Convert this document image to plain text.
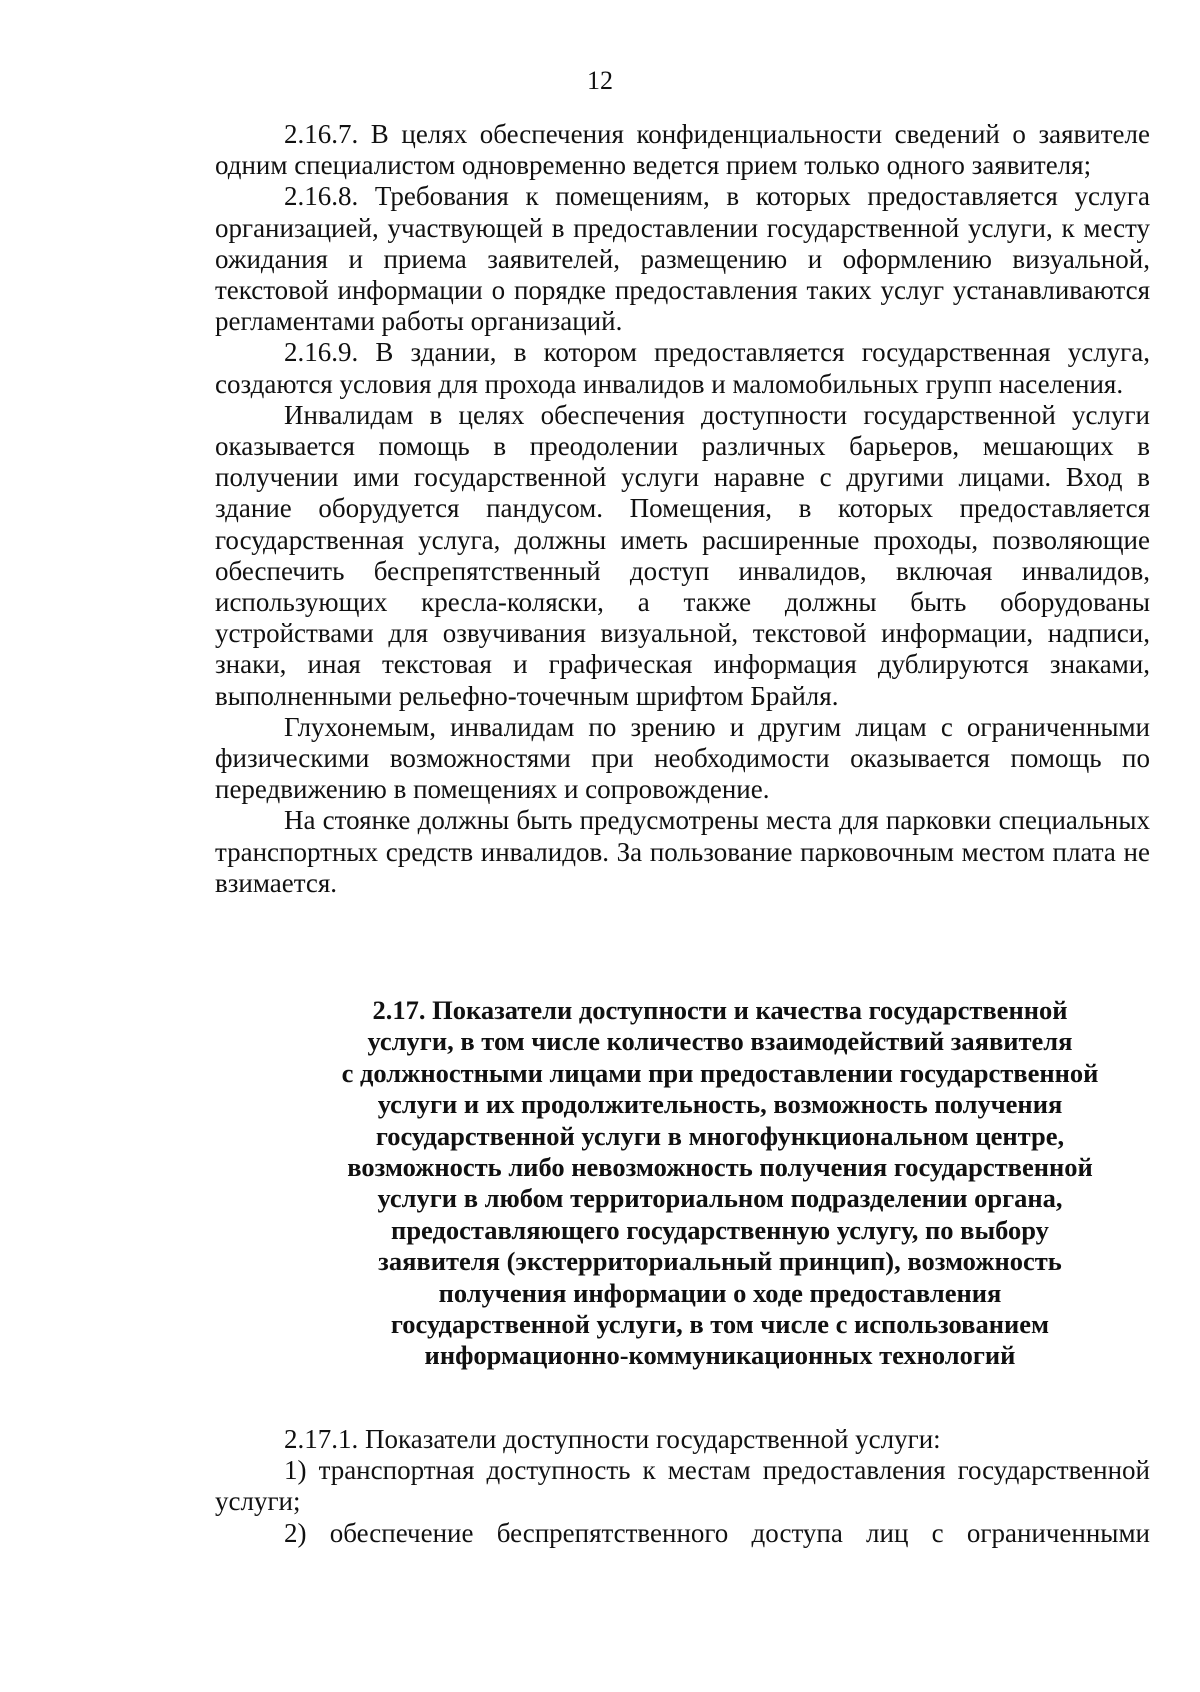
12

2.16.7. В целях обеспечения конфиденциальности сведений о заявителе одним специалистом одновременно ведется прием только одного заявителя;

2.16.8. Требования к помещениям, в которых предоставляется услуга организацией, участвующей в предоставлении государственной услуги, к месту ожидания и приема заявителей, размещению и оформлению визуальной, текстовой информации о порядке предоставления таких услуг устанавливаются регламентами работы организаций.

2.16.9. В здании, в котором предоставляется государственная услуга, создаются условия для прохода инвалидов и маломобильных групп населения.

Инвалидам в целях обеспечения доступности государственной услуги оказывается помощь в преодолении различных барьеров, мешающих в получении ими государственной услуги наравне с другими лицами. Вход в здание оборудуется пандусом. Помещения, в которых предоставляется государственная услуга, должны иметь расширенные проходы, позволяющие обеспечить беспрепятственный доступ инвалидов, включая инвалидов, использующих кресла-коляски, а также должны быть оборудованы устройствами для озвучивания визуальной, текстовой информации, надписи, знаки, иная текстовая и графическая информация дублируются знаками, выполненными рельефно-точечным шрифтом Брайля.

Глухонемым, инвалидам по зрению и другим лицам с ограниченными физическими возможностями при необходимости оказывается помощь по передвижению в помещениях и сопровождение.

На стоянке должны быть предусмотрены места для парковки специальных транспортных средств инвалидов. За пользование парковочным местом плата не взимается.

2.17. Показатели доступности и качества государственной
услуги, в том числе количество взаимодействий заявителя
с должностными лицами при предоставлении государственной
услуги и их продолжительность, возможность получения
государственной услуги в многофункциональном центре,
возможность либо невозможность получения государственной
услуги в любом территориальном подразделении органа,
предоставляющего государственную услугу, по выбору
заявителя (экстерриториальный принцип), возможность
получения информации о ходе предоставления
государственной услуги, в том числе с использованием
информационно-коммуникационных технологий

2.17.1. Показатели доступности государственной услуги:

1) транспортная доступность к местам предоставления государственной услуги;

2) обеспечение беспрепятственного доступа лиц с ограниченными
